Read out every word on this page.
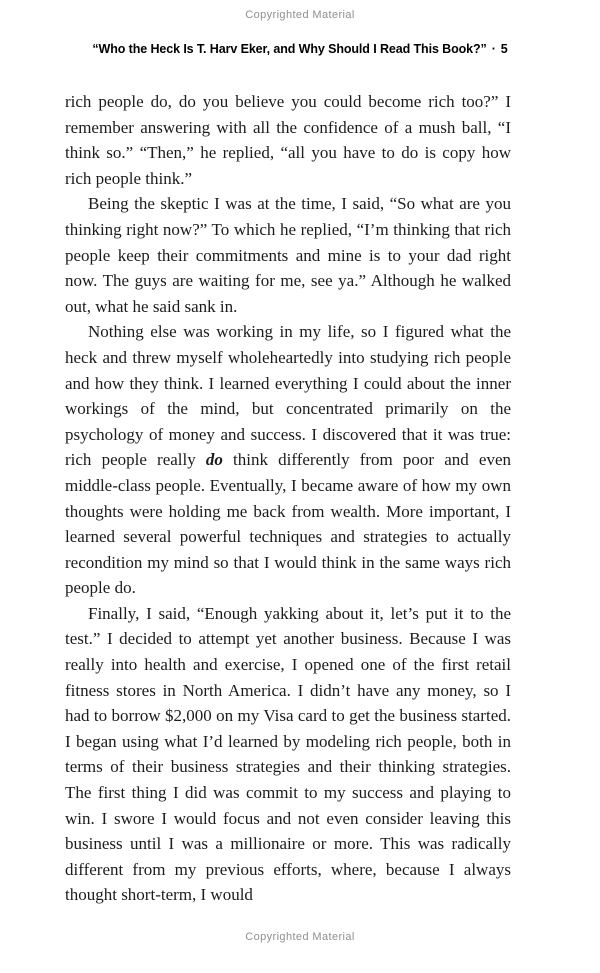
Copyrighted Material
“Who the Heck Is T. Harv Eker, and Why Should I Read This Book?” · 5

rich people do, do you believe you could become rich too?” I remember answering with all the confidence of a mush ball, “I think so.” “Then,” he replied, “all you have to do is copy how rich people think.”

Being the skeptic I was at the time, I said, “So what are you thinking right now?” To which he replied, “I’m thinking that rich people keep their commitments and mine is to your dad right now. The guys are waiting for me, see ya.” Although he walked out, what he said sank in.

Nothing else was working in my life, so I figured what the heck and threw myself wholeheartedly into studying rich people and how they think. I learned everything I could about the inner workings of the mind, but concentrated primarily on the psychology of money and success. I discovered that it was true: rich people really do think differently from poor and even middle-class people. Eventually, I became aware of how my own thoughts were holding me back from wealth. More important, I learned several powerful techniques and strategies to actually recondition my mind so that I would think in the same ways rich people do.

Finally, I said, “Enough yakking about it, let’s put it to the test.” I decided to attempt yet another business. Because I was really into health and exercise, I opened one of the first retail fitness stores in North America. I didn’t have any money, so I had to borrow $2,000 on my Visa card to get the business started. I began using what I’d learned by modeling rich people, both in terms of their business strategies and their thinking strategies. The first thing I did was commit to my success and playing to win. I swore I would focus and not even consider leaving this business until I was a millionaire or more. This was radically different from my previous efforts, where, because I always thought short-term, I would

Copyrighted Material
